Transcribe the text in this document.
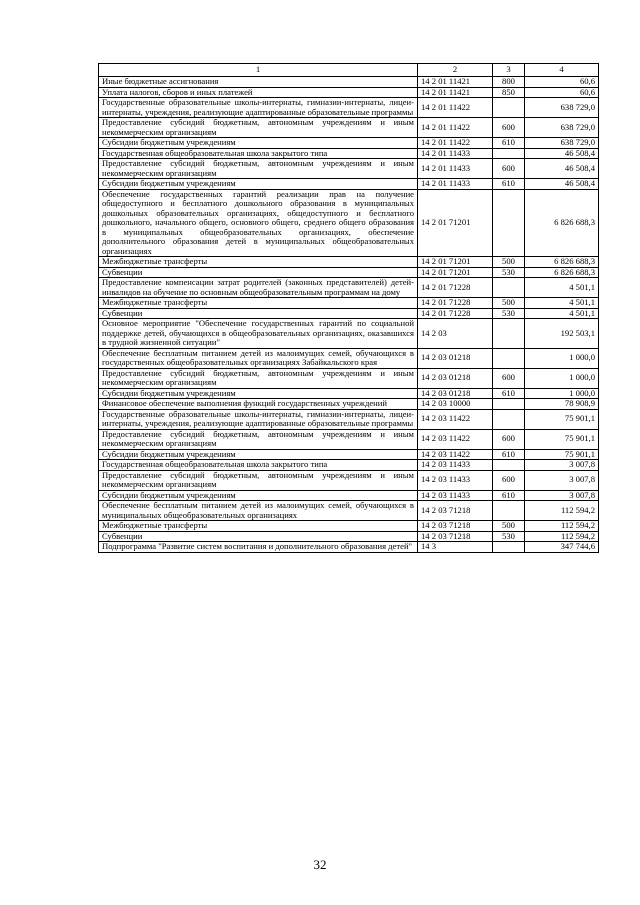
1	2	3	4
Иные бюджетные ассигнования	14 2 01 11421	800	60,6
Уплата налогов, сборов и иных платежей	14 2 01 11421	850	60,6
Государственные образовательные школы-интернаты, гимназии-интернаты, лицеи-интернаты, учреждения, реализующие адаптированные образовательные программы	14 2 01 11422		638 729,0
Предоставление субсидий бюджетным, автономным учреждениям и иным некоммерческим организациям	14 2 01 11422	600	638 729,0
Субсидии бюджетным учреждениям	14 2 01 11422	610	638 729,0
Государственная общеобразовательная школа закрытого типа	14 2 01 11433		46 508,4
Предоставление субсидий бюджетным, автономным учреждениям и иным некоммерческим организациям	14 2 01 11433	600	46 508,4
Субсидии бюджетным учреждениям	14 2 01 11433	610	46 508,4
Обеспечение государственных гарантий реализации прав на получение общедоступного и бесплатного дошкольного образования в муниципальных дошкольных образовательных организациях, общедоступного и бесплатного дошкольного, начального общего, основного общего, среднего общего образования в муниципальных общеобразовательных организациях, обеспечение дополнительного образования детей в муниципальных общеобразовательных организациях	14 2 01 71201		6 826 688,3
Межбюджетные трансферты	14 2 01 71201	500	6 826 688,3
Субвенции	14 2 01 71201	530	6 826 688,3
Предоставление компенсации затрат родителей (законных представителей) детей-инвалидов на обучение по основным общеобразовательным программам на дому	14 2 01 71228		4 501,1
Межбюджетные трансферты	14 2 01 71228	500	4 501,1
Субвенции	14 2 01 71228	530	4 501,1
Основное мероприятие "Обеспечение государственных гарантий по социальной поддержке детей, обучающихся в общеобразовательных организациях, оказавшихся в трудной жизненной ситуации"	14 2 03		192 503,1
Обеспечение бесплатным питанием детей из малоимущих семей, обучающихся в государственных общеобразовательных организациях Забайкальского края	14 2 03 01218		1 000,0
Предоставление субсидий бюджетным, автономным учреждениям и иным некоммерческим организациям	14 2 03 01218	600	1 000,0
Субсидии бюджетным учреждениям	14 2 03 01218	610	1 000,0
Финансовое обеспечение выполнения функций государственных учреждений	14 2 03 10000		78 908,9
Государственные образовательные школы-интернаты, гимназии-интернаты, лицеи-интернаты, учреждения, реализующие адаптированные образовательные программы	14 2 03 11422		75 901,1
Предоставление субсидий бюджетным, автономным учреждениям и иным некоммерческим организациям	14 2 03 11422	600	75 901,1
Субсидии бюджетным учреждениям	14 2 03 11422	610	75 901,1
Государственная общеобразовательная школа закрытого типа	14 2 03 11433		3 007,8
Предоставление субсидий бюджетным, автономным учреждениям и иным некоммерческим организациям	14 2 03 11433	600	3 007,8
Субсидии бюджетным учреждениям	14 2 03 11433	610	3 007,8
Обеспечение бесплатным питанием детей из малоимущих семей, обучающихся в муниципальных общеобразовательных организациях	14 2 03 71218		112 594,2
Межбюджетные трансферты	14 2 03 71218	500	112 594,2
Субвенции	14 2 03 71218	530	112 594,2
Подпрограмма "Развитие систем воспитания и дополнительного образования детей"	14 3		347 744,6
32
